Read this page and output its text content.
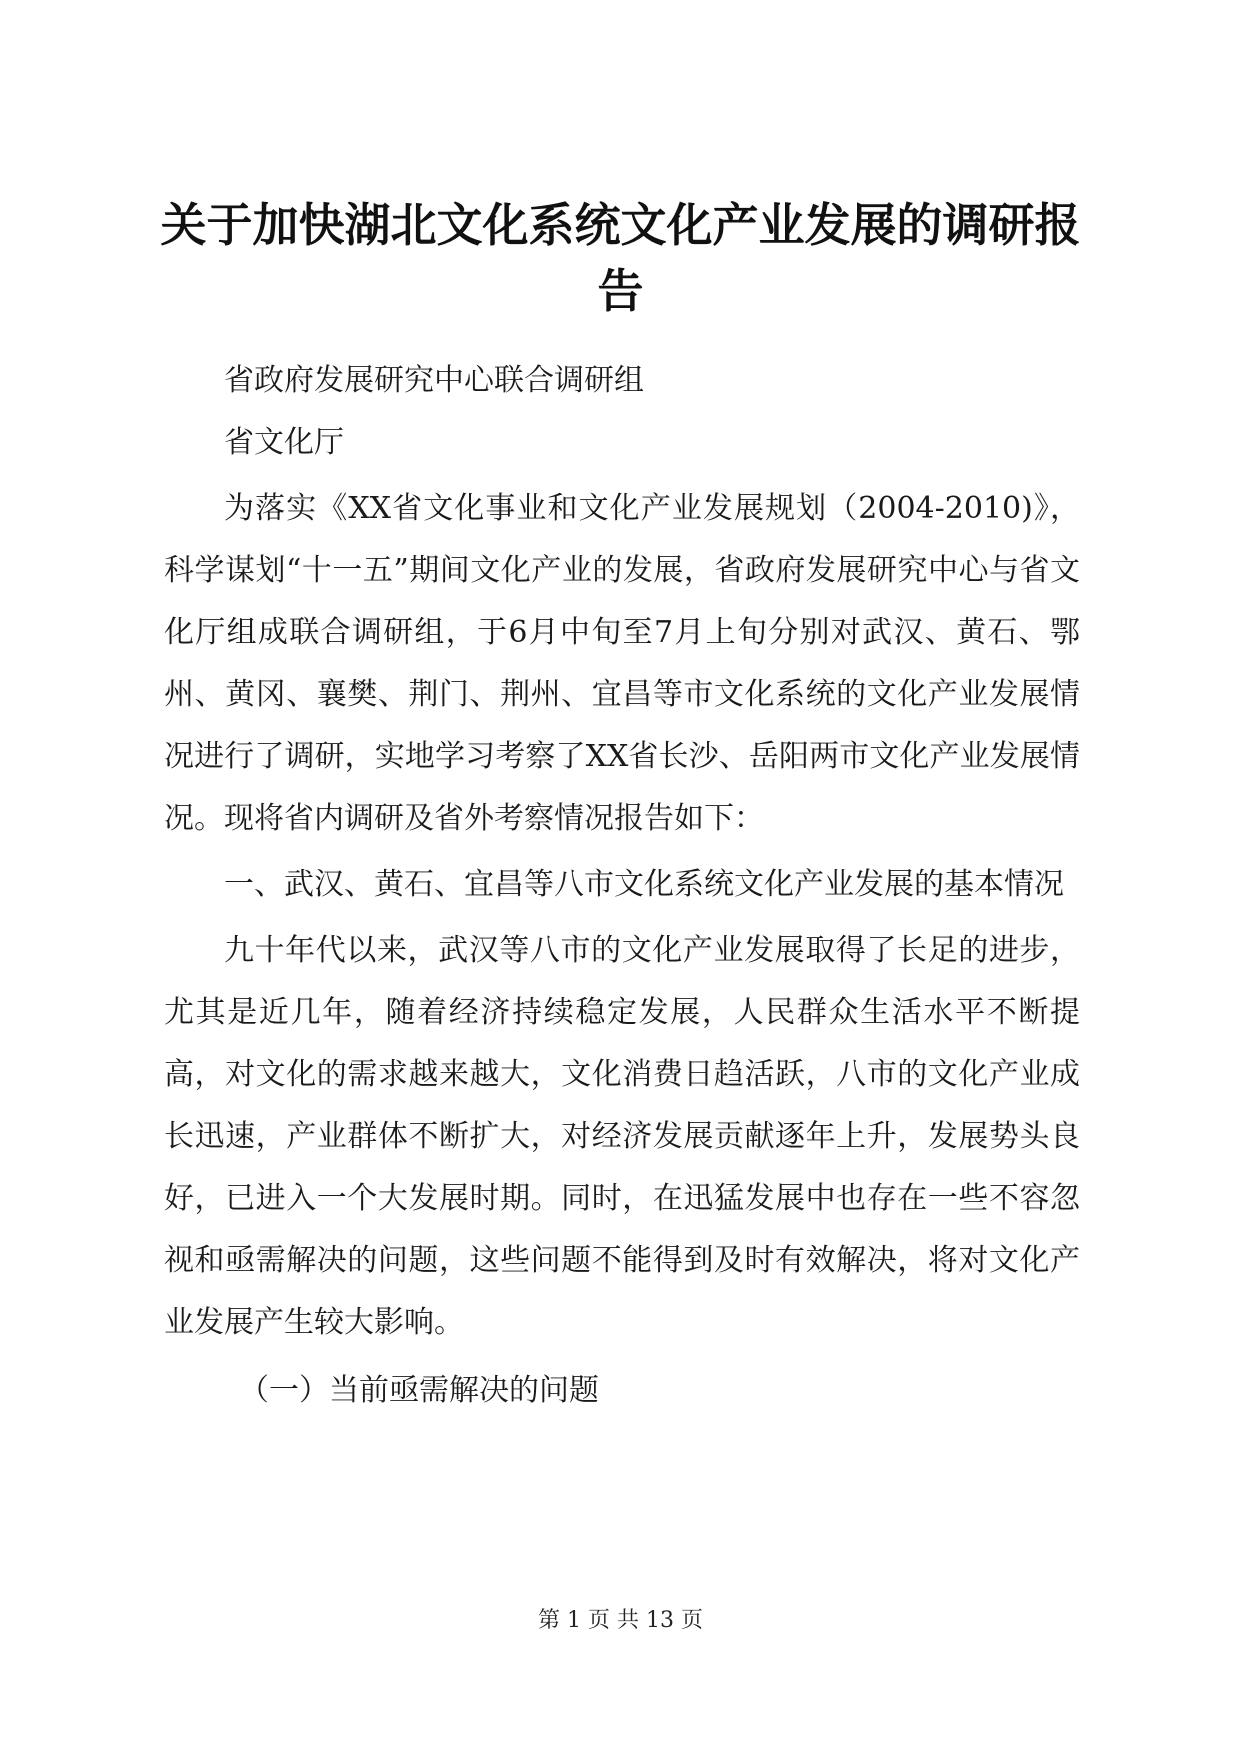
关于加快湖北文化系统文化产业发展的调研报告

省政府发展研究中心联合调研组

省文化厅

为落实《XX省文化事业和文化产业发展规划（2004-2010)》，科学谋划“十一五”期间文化产业的发展，省政府发展研究中心与省文化厅组成联合调研组，于6月中旬至7月上旬分别对武汉、黄石、鄂州、黄冈、襄樊、荆门、荆州、宜昌等市文化系统的文化产业发展情况进行了调研，实地学习考察了XX省长沙、岳阳两市文化产业发展情况。现将省内调研及省外考察情况报告如下：

一、武汉、黄石、宜昌等八市文化系统文化产业发展的基本情况

九十年代以来，武汉等八市的文化产业发展取得了长足的进步，尤其是近几年，随着经济持续稳定发展，人民群众生活水平不断提高，对文化的需求越来越大，文化消费日趋活跃，八市的文化产业成长迅速，产业群体不断扩大，对经济发展贡献逐年上升，发展势头良好，已进入一个大发展时期。同时，在迅猛发展中也存在一些不容忽视和亟需解决的问题，这些问题不能得到及时有效解决，将对文化产业发展产生较大影响。

（一）当前亟需解决的问题

第 1 页 共 13 页
